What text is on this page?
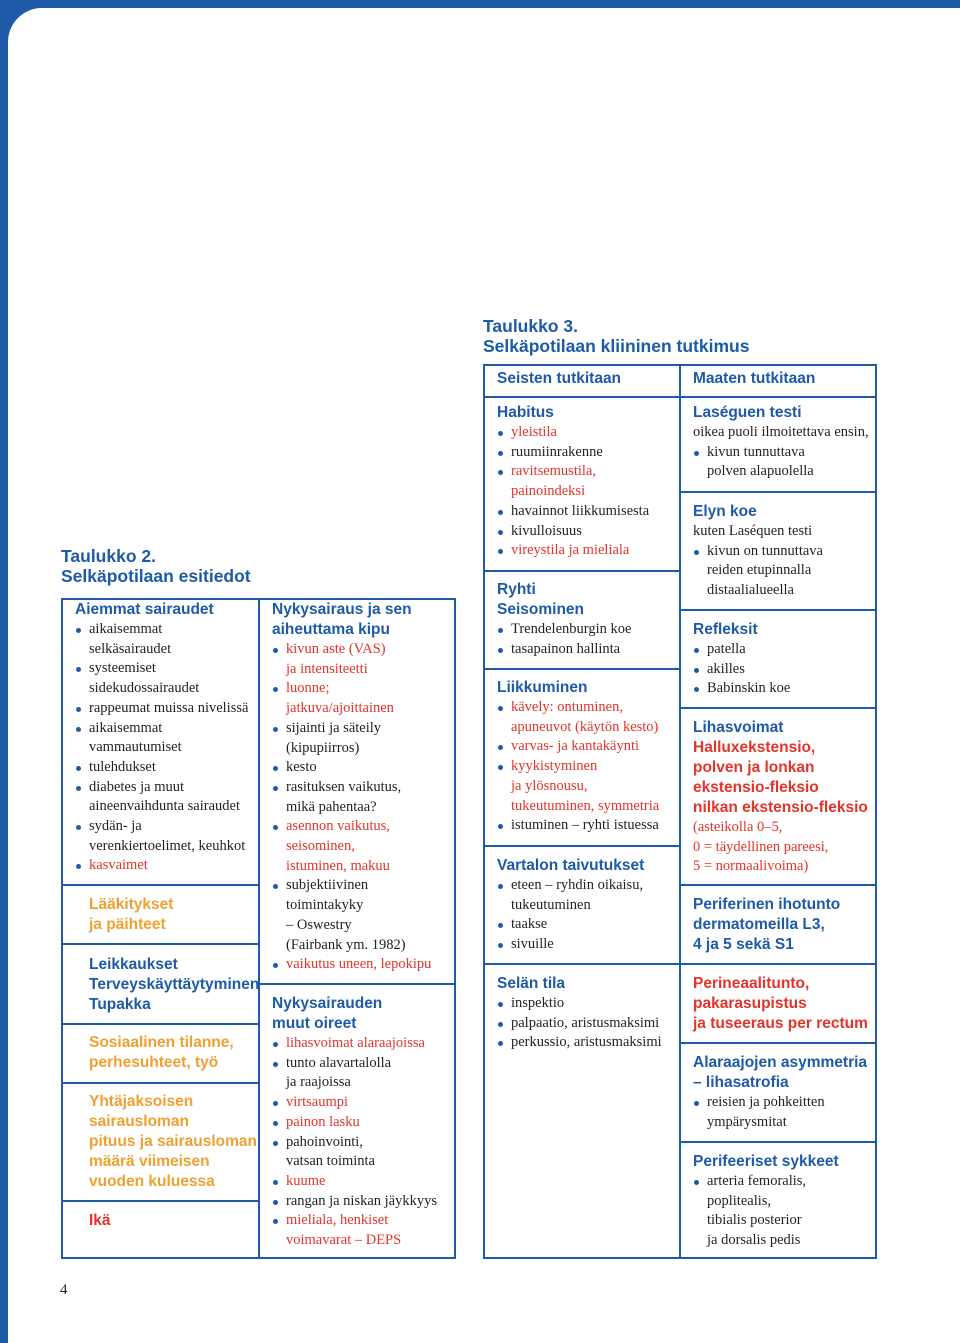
Taulukko 2.
Selkäpotilaan esitiedot

Aiemmat sairaudet

aikaisemmat
selkäsairaudet
systeemiset
sidekudossairaudet
rappeumat muissa nivelissä
aikaisemmat
vammautumiset
tulehdukset
diabetes ja muut
aineenvaihdunta sairaudet
sydän- ja
verenkiertoelimet, keuhkot
kasvaimet

Lääkitykset
ja päihteet

Leikkaukset
Terveyskäyttäytyminen
Tupakka

Sosiaalinen tilanne,
perhesuhteet, työ

Yhtäjaksoisen
sairausloman
pituus ja sairausloman
määrä viimeisen
vuoden kuluessa

Ikä

Nykysairaus ja sen
aiheuttama kipu

kivun aste (VAS)
ja intensiteetti
luonne;
jatkuva/ajoittainen
sijainti ja säteily
(kipupiirros)
kesto
rasituksen vaikutus,
mikä pahentaa?
asennon vaikutus,
seisominen,
istuminen, makuu
subjektiivinen
toimintakyky
– Oswestry
(Fairbank ym. 1982)
vaikutus uneen, lepokipu

Nykysairauden
muut oireet

lihasvoimat alaraajoissa
tunto alavartalolla
ja raajoissa
virtsaumpi
painon lasku
pahoinvointi,
vatsan toiminta
kuume
rangan ja niskan jäykkyys
mieliala, henkiset
voimavarat – DEPS

Taulukko 3.
Selkäpotilaan kliininen tutkimus

Seisten tutkitaan	Maaten tutkitaan

Habitus

yleistila
ruumiinrakenne
ravitsemustila,
painoindeksi
havainnot liikkumisesta
kivulloisuus
vireystila ja mieliala

Ryhti
Seisominen

Trendelenburgin koe
tasapainon hallinta

Liikkuminen

kävely: ontuminen,
apuneuvot (käytön kesto)
varvas- ja kantakäynti
kyykistyminen
ja ylösnousu,
tukeutuminen, symmetria
istuminen – ryhti istuessa

Vartalon taivutukset

eteen – ryhdin oikaisu,
tukeutuminen
taakse
sivuille

Selän tila

inspektio
palpaatio, aristusmaksimi
perkussio, aristusmaksimi

Laséguen testi

oikea puoli ilmoitettava ensin,

kivun tunnuttava
polven alapuolella

Elyn koe

kuten Laséquen testi

kivun on tunnuttava
reiden etupinnalla
distaalialueella

Refleksit

patella
akilles
Babinskin koe

Lihasvoimat

Halluxekstensio,
polven ja lonkan
ekstensio-fleksio
nilkan ekstensio-fleksio

(asteikolla 0–5,
0 = täydellinen pareesi,
5 = normaalivoima)

Periferinen ihotunto
dermatomeilla L3,
4 ja 5 sekä S1

Perineaalitunto,
pakarasupistus
ja tuseeraus per rectum

Alaraajojen asymmetria
– lihasatrofia

reisien ja pohkeitten
ympärysmitat

Perifeeriset sykkeet

arteria femoralis,
poplitealis,
tibialis posterior
ja dorsalis pedis
4
